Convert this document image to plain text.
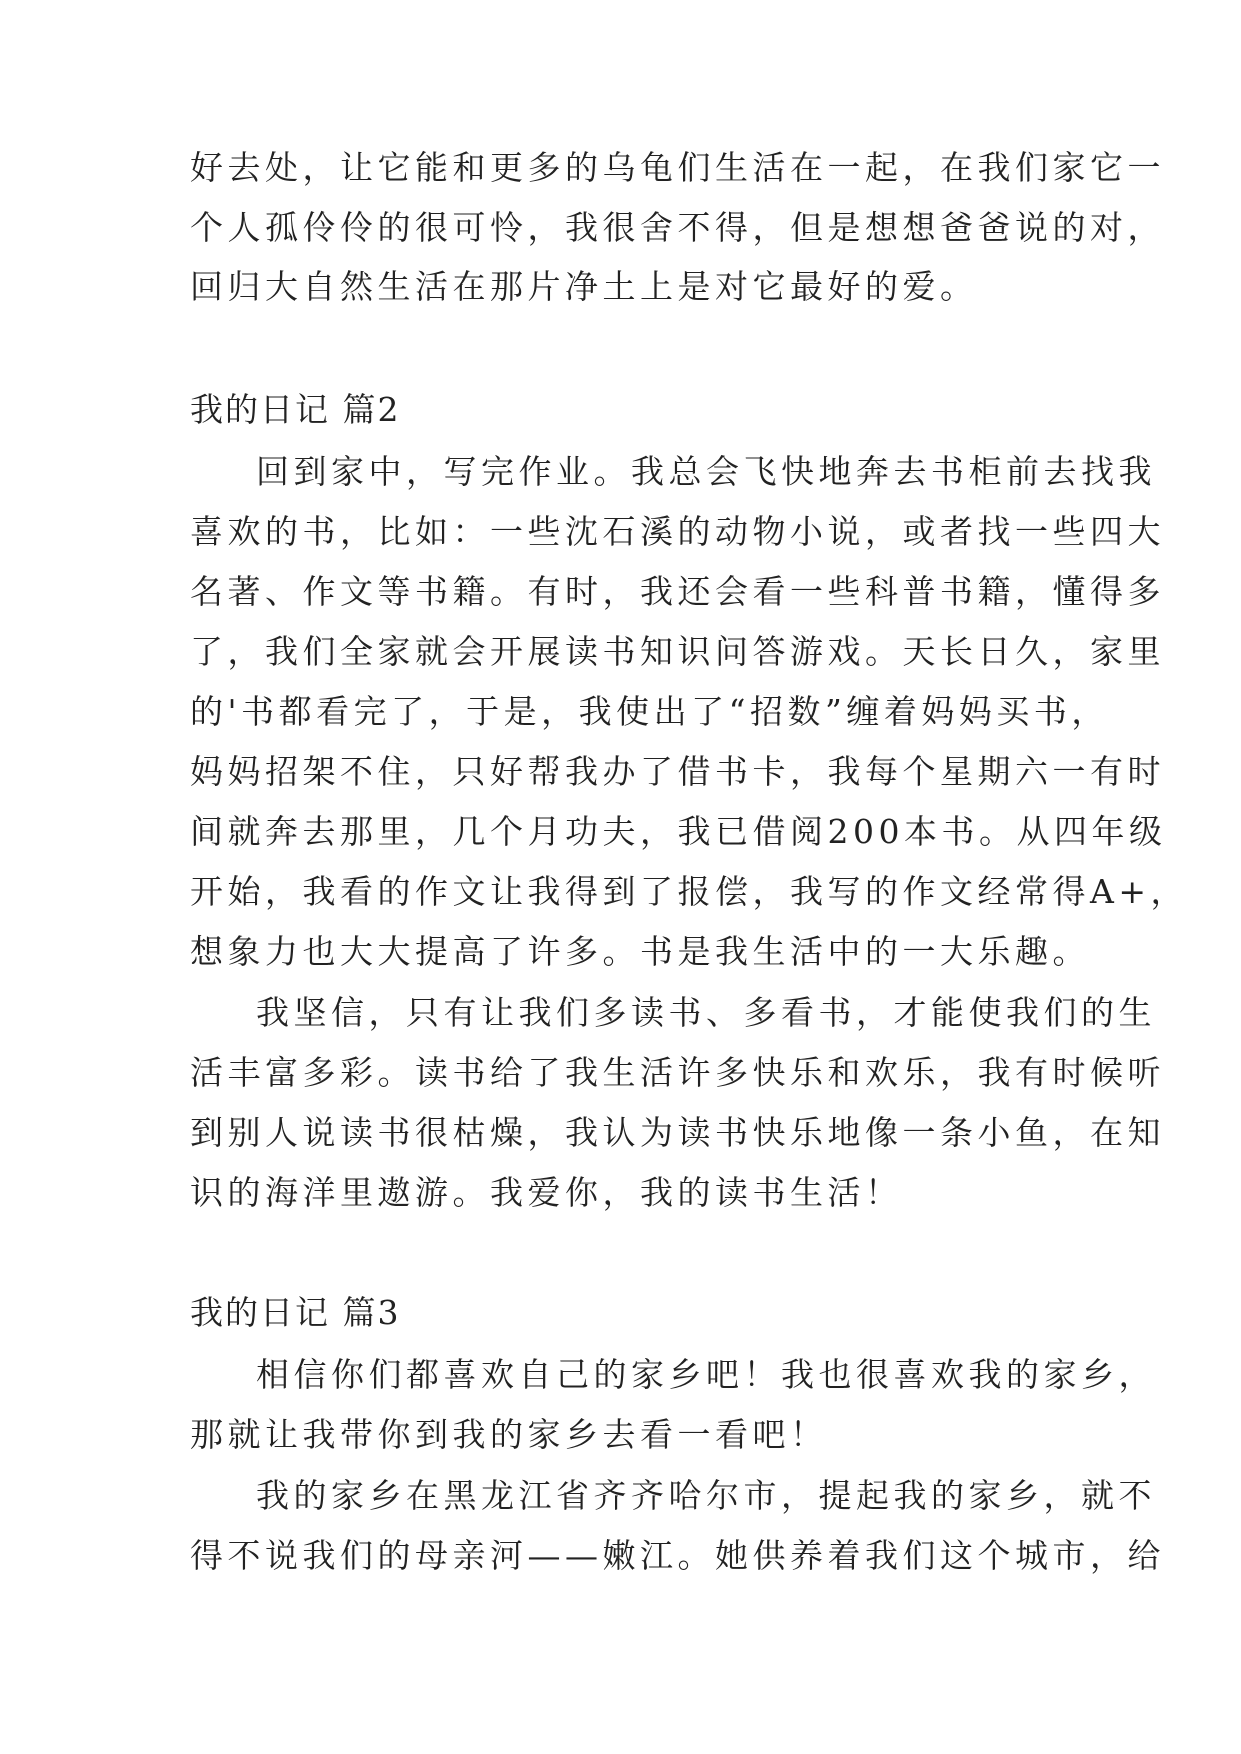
好去处，让它能和更多的乌龟们生活在一起，在我们家它一
个人孤伶伶的很可怜，我很舍不得，但是想想爸爸说的对，
回归大自然生活在那片净土上是对它最好的爱。
我的日记 篇2
回到家中，写完作业。我总会飞快地奔去书柜前去找我
喜欢的书，比如：一些沈石溪的动物小说，或者找一些四大
名著、作文等书籍。有时，我还会看一些科普书籍，懂得多
了，我们全家就会开展读书知识问答游戏。天长日久，家里
的'书都看完了，于是，我使出了“招数”缠着妈妈买书，
妈妈招架不住，只好帮我办了借书卡，我每个星期六一有时
间就奔去那里，几个月功夫，我已借阅200本书。从四年级
开始，我看的作文让我得到了报偿，我写的作文经常得A+，
想象力也大大提高了许多。书是我生活中的一大乐趣。
我坚信，只有让我们多读书、多看书，才能使我们的生
活丰富多彩。读书给了我生活许多快乐和欢乐，我有时候听
到别人说读书很枯燥，我认为读书快乐地像一条小鱼，在知
识的海洋里遨游。我爱你，我的读书生活！
我的日记 篇3
相信你们都喜欢自己的家乡吧！我也很喜欢我的家乡，
那就让我带你到我的家乡去看一看吧！
我的家乡在黑龙江省齐齐哈尔市，提起我的家乡，就不
得不说我们的母亲河——嫩江。她供养着我们这个城市，给
